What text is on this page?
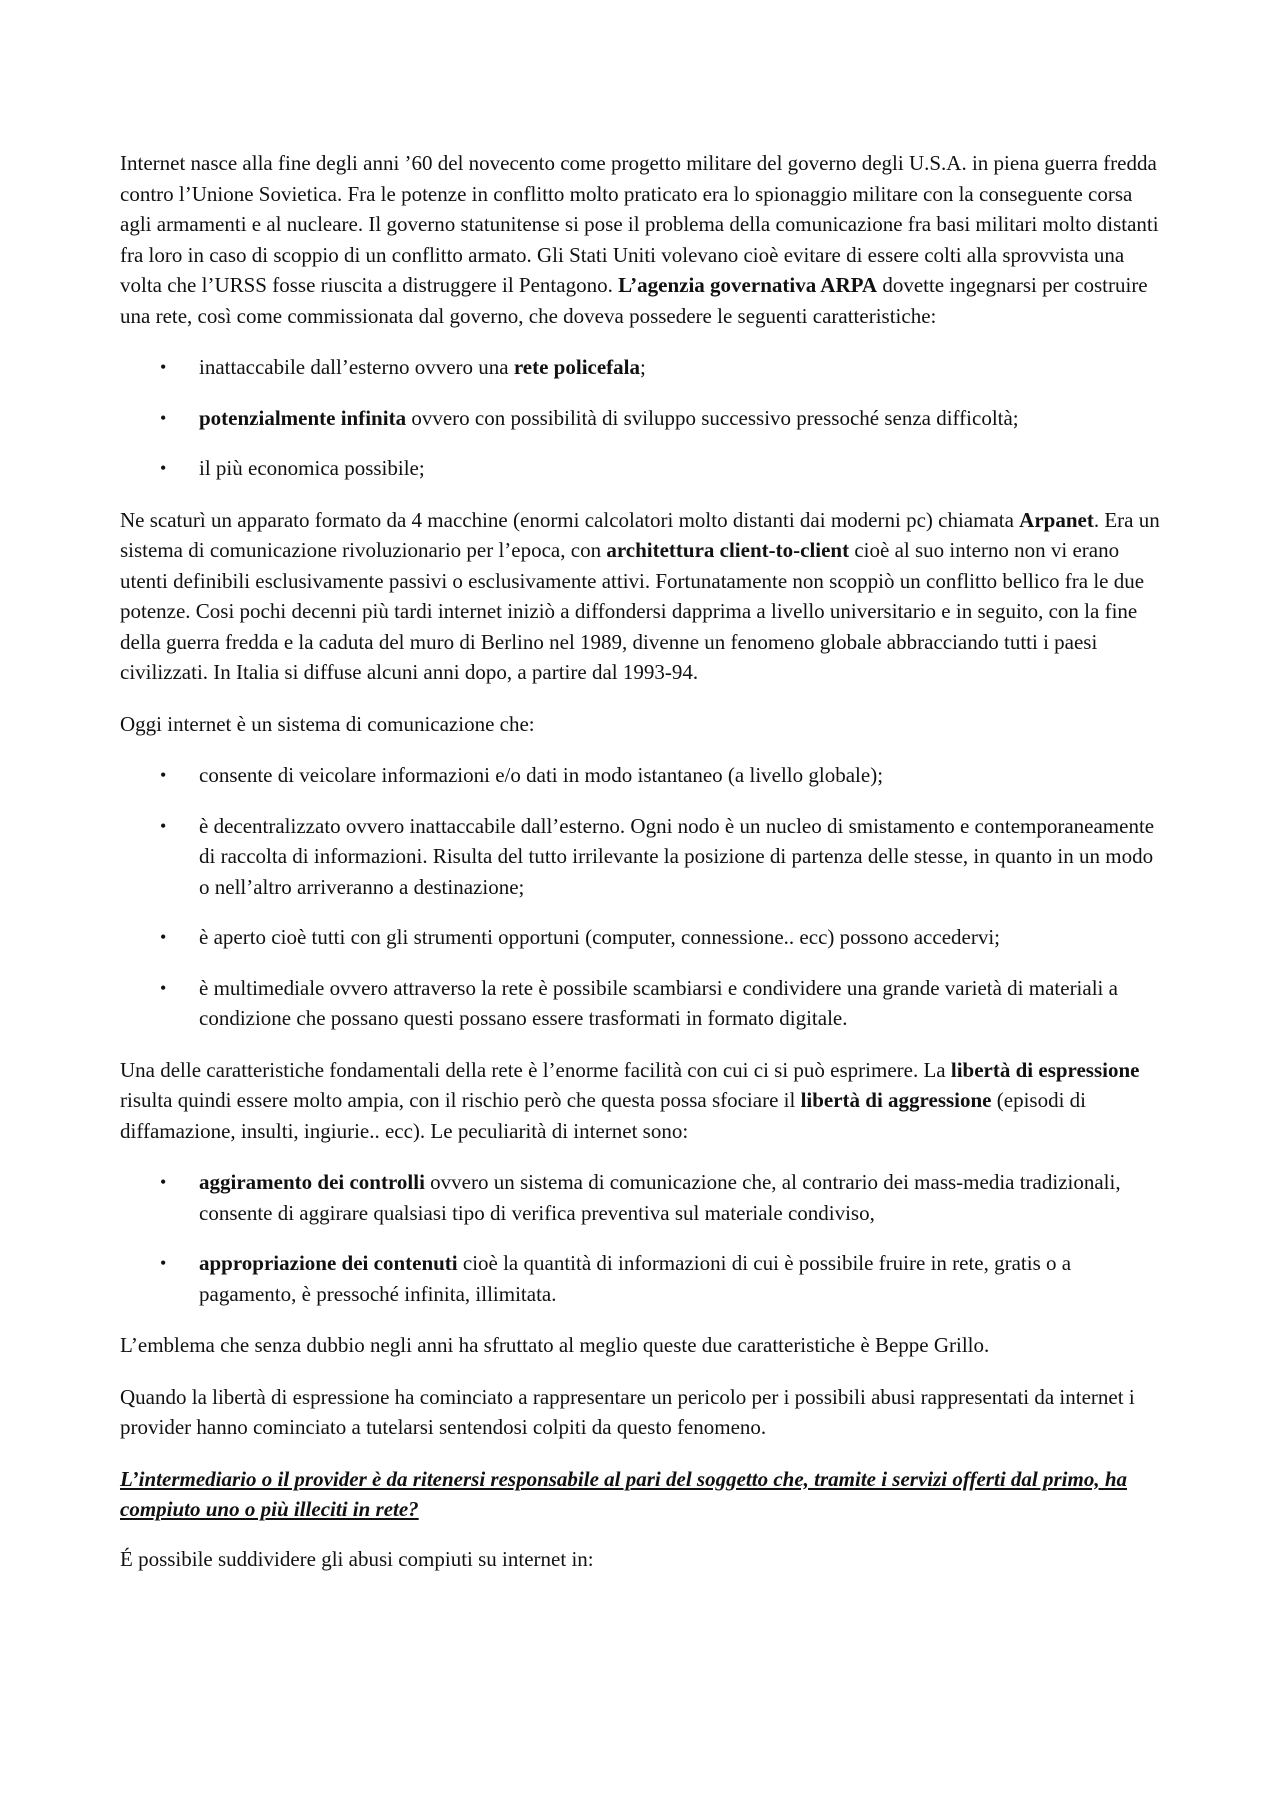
Internet nasce alla fine degli anni ’60 del novecento come progetto militare del governo degli U.S.A. in piena guerra fredda contro l’Unione Sovietica. Fra le potenze in conflitto molto praticato era lo spionaggio militare con la conseguente corsa agli armamenti e al nucleare. Il governo statunitense si pose il problema della comunicazione fra basi militari molto distanti fra loro in caso di scoppio di un conflitto armato. Gli Stati Uniti volevano cioè evitare di essere colti alla sprovvista una volta che l’URSS fosse riuscita a distruggere il Pentagono. L’agenzia governativa ARPA dovette ingegnarsi per costruire una rete, così come commissionata dal governo, che doveva possedere le seguenti caratteristiche:

•	inattaccabile dall’esterno ovvero una rete policefala;
•	potenzialmente infinita ovvero con possibilità di sviluppo successivo pressoché senza difficoltà;
•	il più economica possibile;

Ne scaturì un apparato formato da 4 macchine (enormi calcolatori molto distanti dai moderni pc) chiamata Arpanet. Era un sistema di comunicazione rivoluzionario per l’epoca, con architettura client-to-client cioè al suo interno non vi erano utenti definibili esclusivamente passivi o esclusivamente attivi. Fortunatamente non scoppiò un conflitto bellico fra le due potenze. Cosi pochi decenni più tardi internet iniziò a diffondersi dapprima a livello universitario e in seguito, con la fine della guerra fredda e la caduta del muro di Berlino nel 1989, divenne un fenomeno globale abbracciando tutti i paesi civilizzati. In Italia si diffuse alcuni anni dopo, a partire dal 1993-94.

Oggi internet è un sistema di comunicazione che:

•	consente di veicolare informazioni e/o dati in modo istantaneo (a livello globale);
•	è decentralizzato ovvero inattaccabile dall’esterno. Ogni nodo è un nucleo di smistamento e contemporaneamente di raccolta di informazioni. Risulta del tutto irrilevante la posizione di partenza delle stesse, in quanto in un modo o nell’altro arriveranno a destinazione;
•	è aperto cioè tutti con gli strumenti opportuni (computer, connessione.. ecc) possono accedervi;
•	è multimediale ovvero attraverso la rete è possibile scambiarsi e condividere una grande varietà di materiali a condizione che possano questi possano essere trasformati in formato digitale.

Una delle caratteristiche fondamentali della rete è l’enorme facilità con cui ci si può esprimere. La libertà di espressione risulta quindi essere molto ampia, con il rischio però che questa possa sfociare il libertà di aggressione (episodi di diffamazione, insulti, ingiurie.. ecc). Le peculiarità di internet sono:

•	aggiramento dei controlli ovvero un sistema di comunicazione che, al contrario dei mass-media tradizionali, consente di aggirare qualsiasi tipo di verifica preventiva sul materiale condiviso,
•	appropriazione dei contenuti cioè la quantità di informazioni di cui è possibile fruire in rete, gratis o a pagamento, è pressoché infinita, illimitata.

L’emblema che senza dubbio negli anni ha sfruttato al meglio queste due caratteristiche è Beppe Grillo.

Quando la libertà di espressione ha cominciato a rappresentare un pericolo per i possibili abusi rappresentati da internet i provider hanno cominciato a tutelarsi sentendosi colpiti da questo fenomeno.

L’intermediario o il provider è da ritenersi responsabile al pari del soggetto che, tramite i servizi offerti dal primo, ha compiuto uno o più illeciti in rete?

É possibile suddividere gli abusi compiuti su internet in:
